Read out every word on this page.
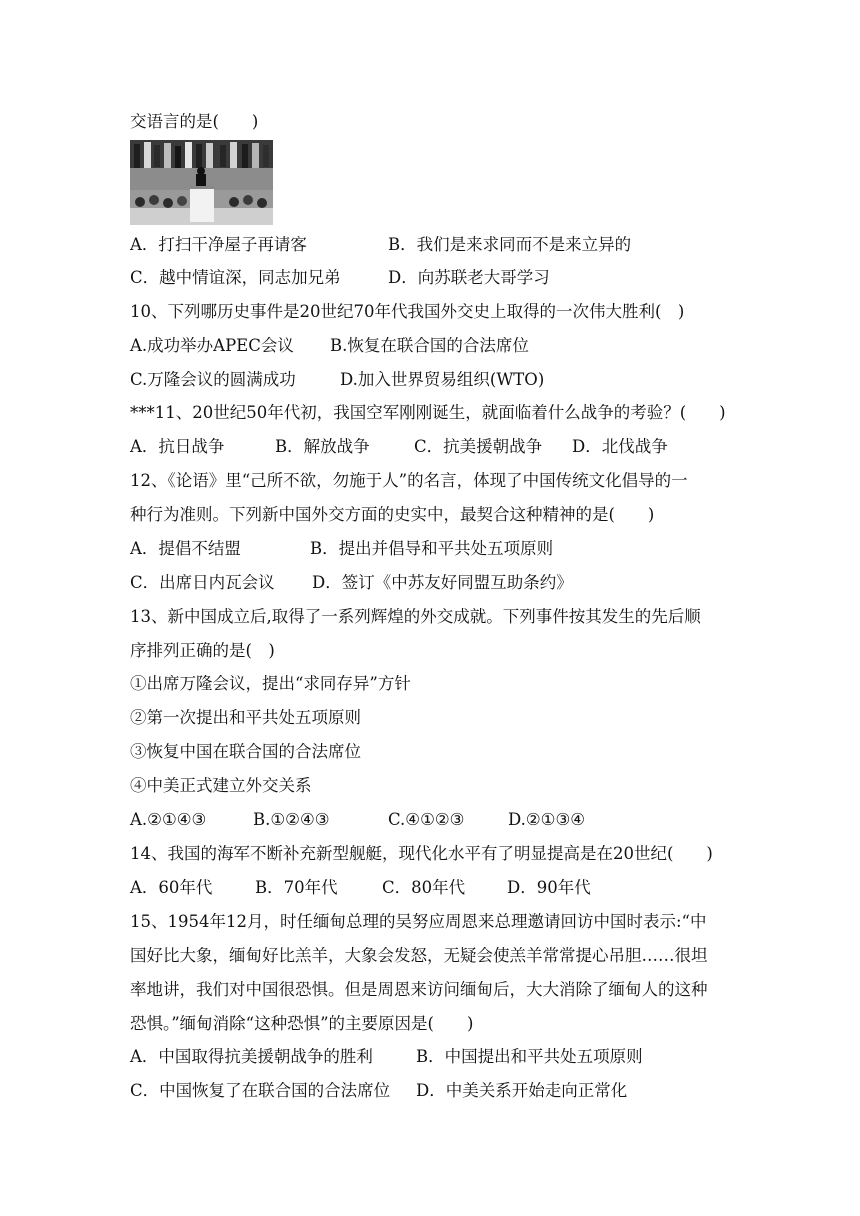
交语言的是(　　)
A．打扫干净屋子再请客	B．我们是来求同而不是来立异的
C．越中情谊深，同志加兄弟	D．向苏联老大哥学习
10、下列哪历史事件是20世纪70年代我国外交史上取得的一次伟大胜利(　)
A.成功举办APEC会议 B.恢复在联合国的合法席位
C.万隆会议的圆满成功	D.加入世界贸易组织(WTO)
***11、20世纪50年代初，我国空军刚刚诞生，就面临着什么战争的考验？(　　)
A．抗日战争	B．解放战争	C．抗美援朝战争 D．北伐战争
12、《论语》里“己所不欲，勿施于人”的名言，体现了中国传统文化倡导的一
种行为准则。下列新中国外交方面的史实中，最契合这种精神的是(　　)
A．提倡不结盟	B．提出并倡导和平共处五项原则
C．出席日内瓦会议 D．签订《中苏友好同盟互助条约》
13、新中国成立后,取得了一系列辉煌的外交成就。下列事件按其发生的先后顺
序排列正确的是(　)
①出席万隆会议，提出“求同存异”方针
②第一次提出和平共处五项原则
③恢复中国在联合国的合法席位
④中美正式建立外交关系
A.②①④③	B.①②④③	C.④①②③	D.②①③④
14、我国的海军不断补充新型舰艇，现代化水平有了明显提高是在20世纪(　　)
A．60年代	B．70年代	C．80年代	D．90年代
15、1954年12月，时任缅甸总理的吴努应周恩来总理邀请回访中国时表示:“中
国好比大象，缅甸好比羔羊，大象会发怒，无疑会使羔羊常常提心吊胆……很坦
率地讲，我们对中国很恐惧。但是周恩来访问缅甸后，大大消除了缅甸人的这种
恐惧。”缅甸消除“这种恐惧”的主要原因是(　　)
A．中国取得抗美援朝战争的胜利	B．中国提出和平共处五项原则
C．中国恢复了在联合国的合法席位 D．中美关系开始走向正常化
